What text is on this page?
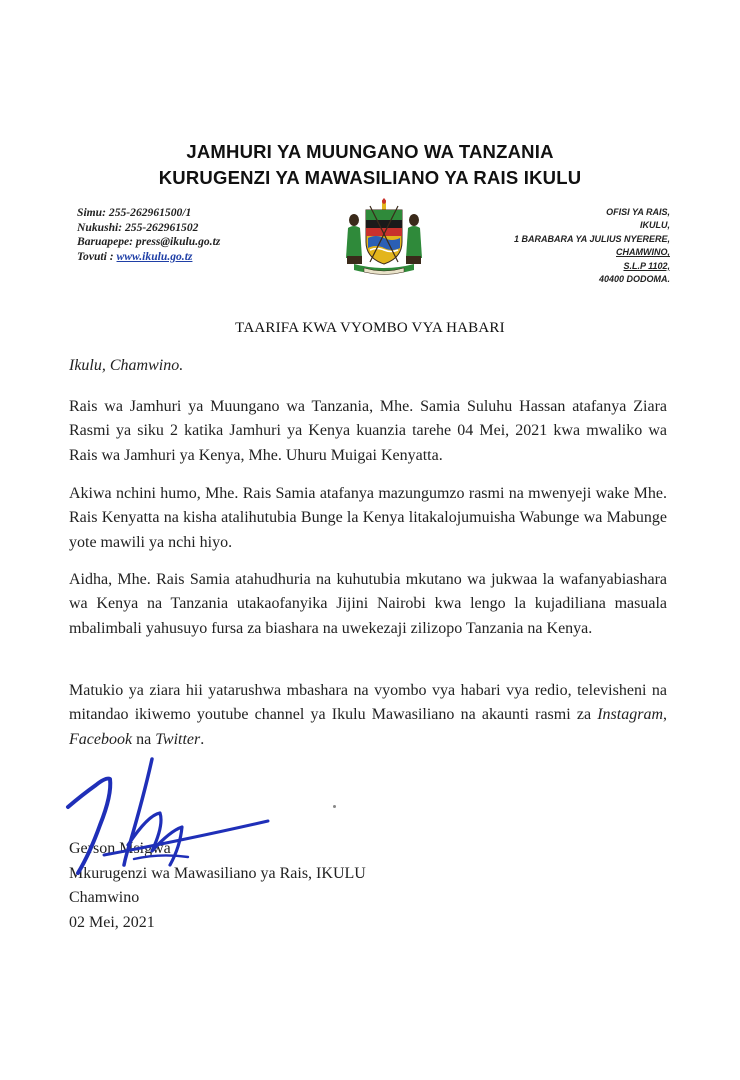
JAMHURI YA MUUNGANO WA TANZANIA
KURUGENZI YA MAWASILIANO YA RAIS IKULU
Simu: 255-262961500/1
Nukushi: 255-262961502
Baruapepe: press@ikulu.go.tz
Tovuti : www.ikulu.go.tz
OFISI YA RAIS,
IKULU,
1 BARABARA YA JULIUS NYERERE,
CHAMWINO,
S.L.P 1102,
40400 DODOMA.
TAARIFA KWA VYOMBO VYA HABARI
Ikulu, Chamwino.
Rais wa Jamhuri ya Muungano wa Tanzania, Mhe. Samia Suluhu Hassan atafanya Ziara Rasmi ya siku 2 katika Jamhuri ya Kenya kuanzia tarehe 04 Mei, 2021 kwa mwaliko wa Rais wa Jamhuri ya Kenya, Mhe. Uhuru Muigai Kenyatta.
Akiwa nchini humo, Mhe. Rais Samia atafanya mazungumzo rasmi na mwenyeji wake Mhe. Rais Kenyatta na kisha atalihutubia Bunge la Kenya litakalojumuisha Wabunge wa Mabunge yote mawili ya nchi hiyo.
Aidha, Mhe. Rais Samia atahudhuria na kuhutubia mkutano wa jukwaa la wafanyabiashara wa Kenya na Tanzania utakaofanyika Jijini Nairobi kwa lengo la kujadiliana masuala mbalimbali yahusuyo fursa za biashara na uwekezaji zilizopo Tanzania na Kenya.
Matukio ya ziara hii yatarushwa mbashara na vyombo vya habari vya redio, televisheni na mitandao ikiwemo youtube channel ya Ikulu Mawasiliano na akaunti rasmi za Instagram, Facebook na Twitter.
Gerson Msigwa
Mkurugenzi wa Mawasiliano ya Rais, IKULU
Chamwino
02 Mei, 2021
